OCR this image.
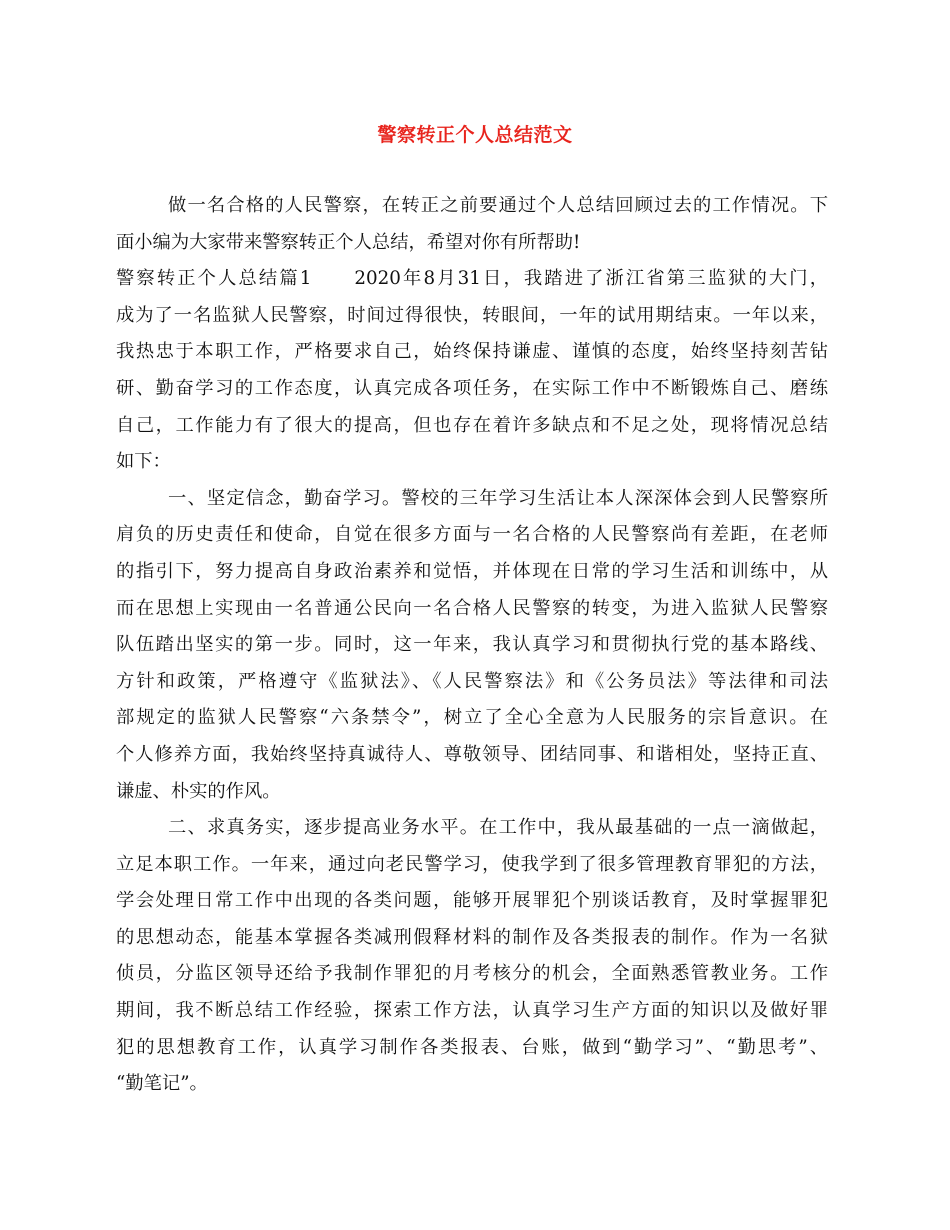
警察转正个人总结范文
做一名合格的人民警察，在转正之前要通过个人总结回顾过去的工作情况。下
面小编为大家带来警察转正个人总结，希望对你有所帮助!
警察转正个人总结篇1　　2020年8月31日，我踏进了浙江省第三监狱的大门，
成为了一名监狱人民警察，时间过得很快，转眼间，一年的试用期结束。一年以来，
我热忠于本职工作，严格要求自己，始终保持谦虚、谨慎的态度，始终坚持刻苦钻
研、勤奋学习的工作态度，认真完成各项任务，在实际工作中不断锻炼自己、磨练
自己，工作能力有了很大的提高，但也存在着许多缺点和不足之处，现将情况总结
如下：
一、坚定信念，勤奋学习。警校的三年学习生活让本人深深体会到人民警察所
肩负的历史责任和使命，自觉在很多方面与一名合格的人民警察尚有差距，在老师
的指引下，努力提高自身政治素养和觉悟，并体现在日常的学习生活和训练中，从
而在思想上实现由一名普通公民向一名合格人民警察的转变，为进入监狱人民警察
队伍踏出坚实的第一步。同时，这一年来，我认真学习和贯彻执行党的基本路线、
方针和政策，严格遵守《监狱法》、《人民警察法》和《公务员法》等法律和司法
部规定的监狱人民警察“六条禁令”，树立了全心全意为人民服务的宗旨意识。在
个人修养方面，我始终坚持真诚待人、尊敬领导、团结同事、和谐相处，坚持正直、
谦虚、朴实的作风。
二、求真务实，逐步提高业务水平。在工作中，我从最基础的一点一滴做起，
立足本职工作。一年来，通过向老民警学习，使我学到了很多管理教育罪犯的方法，
学会处理日常工作中出现的各类问题，能够开展罪犯个别谈话教育，及时掌握罪犯
的思想动态，能基本掌握各类减刑假释材料的制作及各类报表的制作。作为一名狱
侦员，分监区领导还给予我制作罪犯的月考核分的机会，全面熟悉管教业务。工作
期间，我不断总结工作经验，探索工作方法，认真学习生产方面的知识以及做好罪
犯的思想教育工作，认真学习制作各类报表、台账，做到“勤学习”、“勤思考”、
“勤笔记”。
